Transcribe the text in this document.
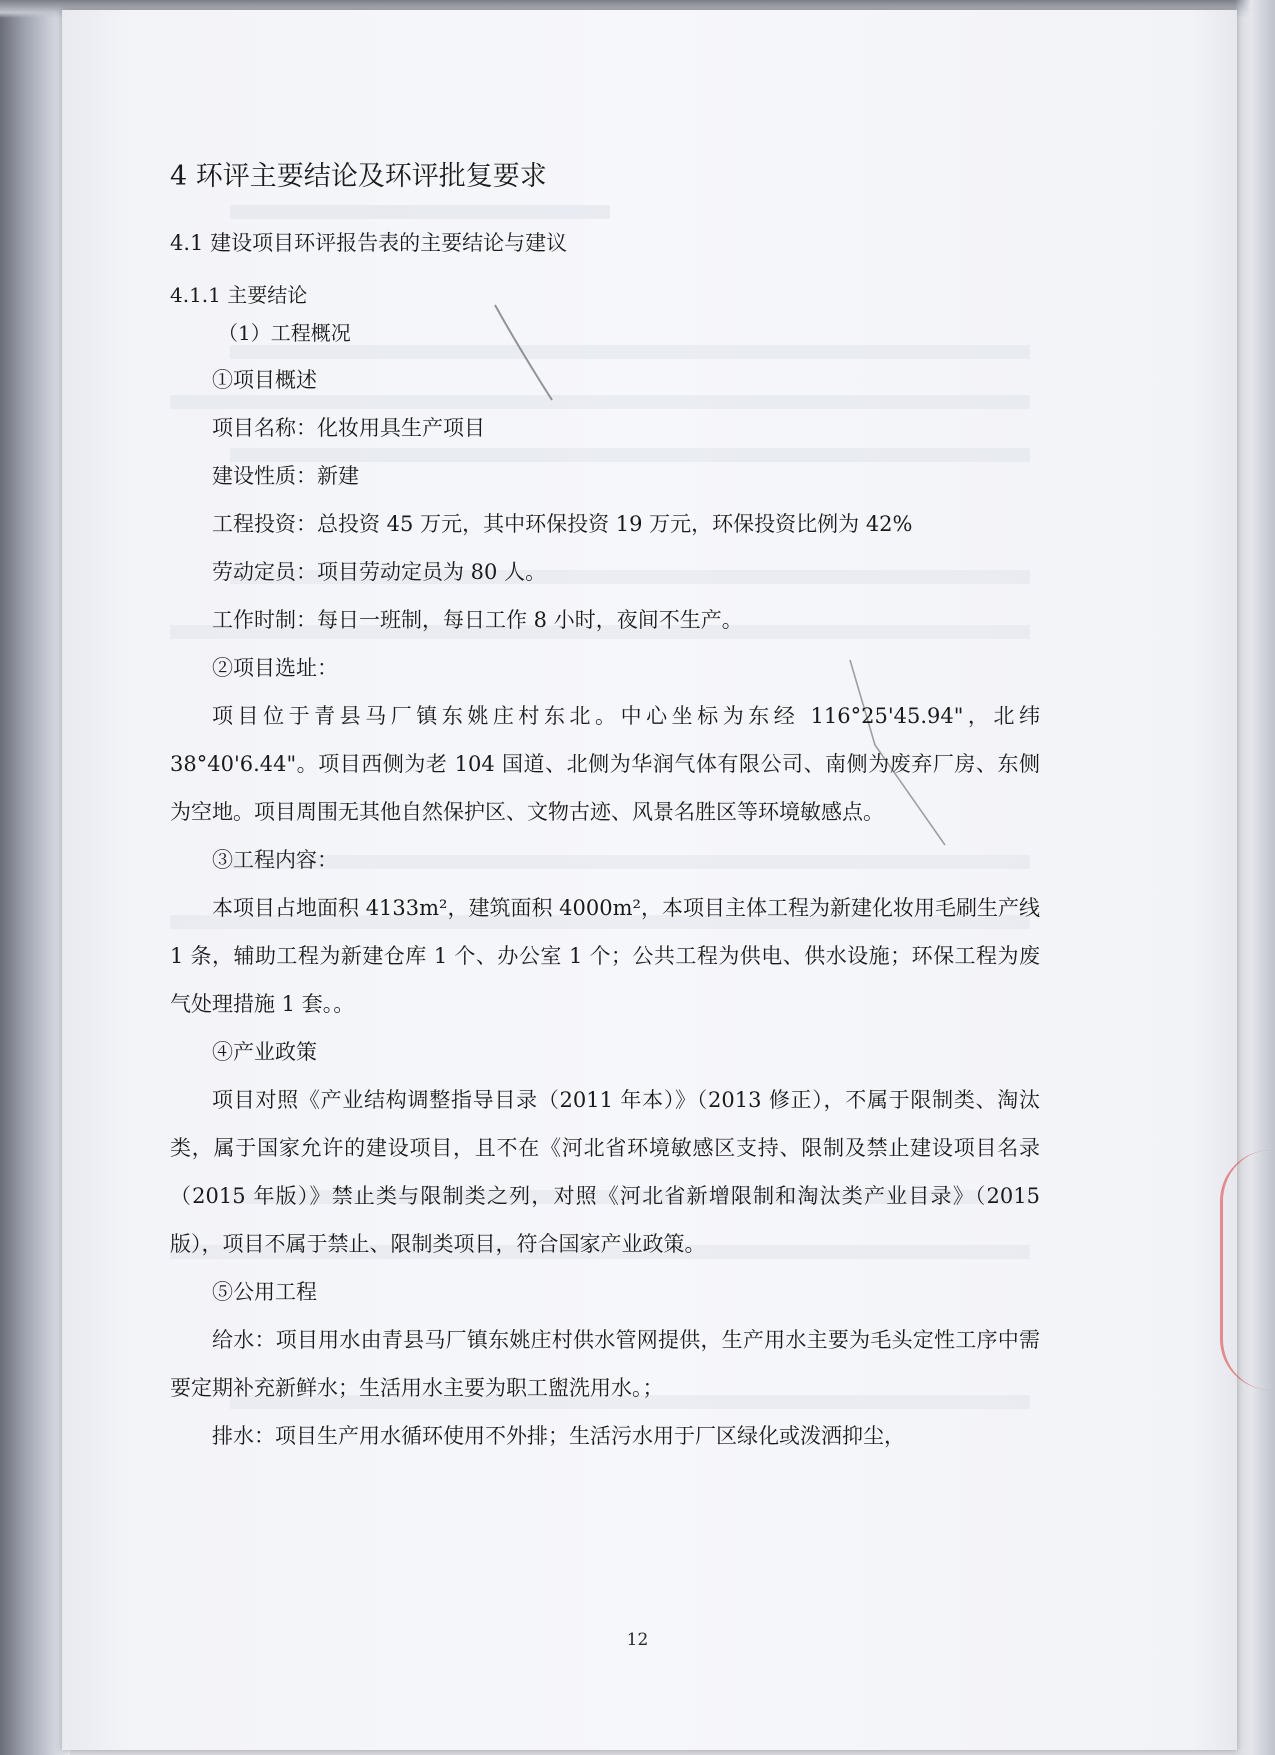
4 环评主要结论及环评批复要求
4.1 建设项目环评报告表的主要结论与建议
4.1.1 主要结论
（1）工程概况

①项目概述

项目名称：化妆用具生产项目

建设性质：新建

工程投资：总投资 45 万元，其中环保投资 19 万元，环保投资比例为 42%

劳动定员：项目劳动定员为 80 人。

工作时制：每日一班制，每日工作 8 小时，夜间不生产。

②项目选址：

项目位于青县马厂镇东姚庄村东北。中心坐标为东经 116°25'45.94"，北纬 38°40'6.44"。项目西侧为老 104 国道、北侧为华润气体有限公司、南侧为废弃厂房、东侧为空地。项目周围无其他自然保护区、文物古迹、风景名胜区等环境敏感点。

③工程内容：

本项目占地面积 4133m²，建筑面积 4000m²，本项目主体工程为新建化妆用毛刷生产线 1 条，辅助工程为新建仓库 1 个、办公室 1 个；公共工程为供电、供水设施；环保工程为废气处理措施 1 套。。

④产业政策

项目对照《产业结构调整指导目录（2011 年本）》（2013 修正），不属于限制类、淘汰类，属于国家允许的建设项目，且不在《河北省环境敏感区支持、限制及禁止建设项目名录（2015 年版）》禁止类与限制类之列，对照《河北省新增限制和淘汰类产业目录》（2015 版），项目不属于禁止、限制类项目，符合国家产业政策。

⑤公用工程

给水：项目用水由青县马厂镇东姚庄村供水管网提供，生产用水主要为毛头定性工序中需要定期补充新鲜水；生活用水主要为职工盥洗用水。；

排水：项目生产用水循环使用不外排；生活污水用于厂区绿化或泼洒抑尘，

12
